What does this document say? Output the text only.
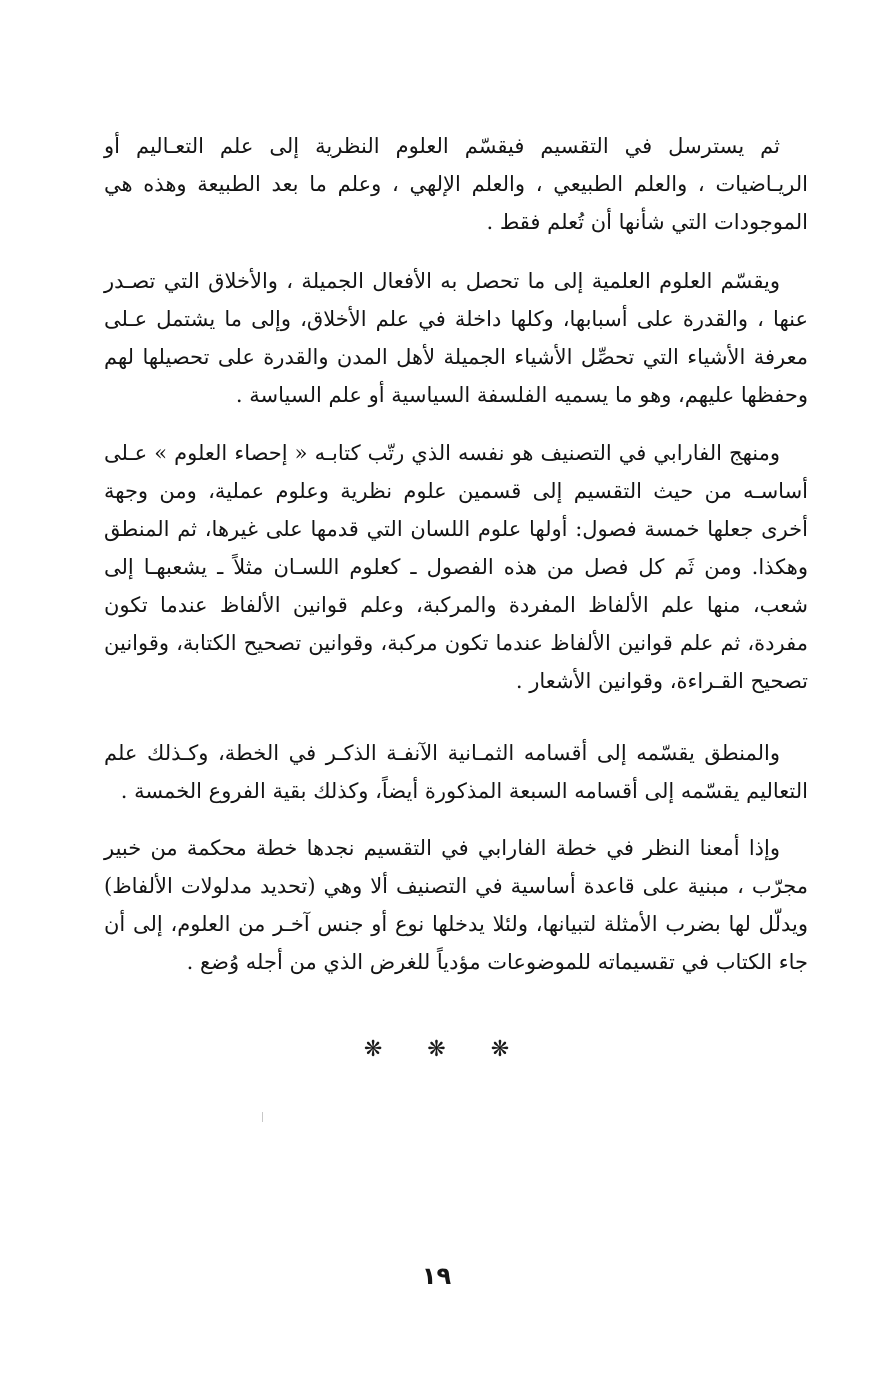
ثم يسترسل في التقسيم فيقسّم العلوم النظرية إلى علم التعـاليم أو الريـاضيات ، والعلم الطبيعي ، والعلم الإلهي ، وعلم ما بعد الطبيعة وهذه هي الموجودات التي شأنها أن تُعلم فقط .

ويقسّم العلوم العلمية إلى ما تحصل به الأفعال الجميلة ، والأخلاق التي تصـدر عنها ، والقدرة على أسبابها، وكلها داخلة في علم الأخلاق، وإلى ما يشتمل عـلى معرفة الأشياء التي تحصِّل الأشياء الجميلة لأهل المدن والقدرة على تحصيلها لهم وحفظها عليهم، وهو ما يسميه الفلسفة السياسية أو علم السياسة .

ومنهج الفارابي في التصنيف هو نفسه الذي رتّب كتابـه « إحصاء العلوم » عـلى أساسـه من حيث التقسيم إلى قسمين علوم نظرية وعلوم عملية، ومن وجهة أخرى جعلها خمسة فصول: أولها علوم اللسان التي قدمها على غيرها، ثم المنطق وهكذا. ومن ثَم كل فصل من هذه الفصول ـ كعلوم اللسـان مثلاً ـ يشعبهـا إلى شعب، منها علم الألفاظ المفردة والمركبة، وعلم قوانين الألفاظ عندما تكون مفردة، ثم علم قوانين الألفاظ عندما تكون مركبة، وقوانين تصحيح الكتابة، وقوانين تصحيح القـراءة، وقوانين الأشعار .

والمنطق يقسّمه إلى أقسامه الثمـانية الآنفـة الذكـر في الخطة، وكـذلك علم التعاليم يقسّمه إلى أقسامه السبعة المذكورة أيضاً، وكذلك بقية الفروع الخمسة .

وإذا أمعنا النظر في خطة الفارابي في التقسيم نجدها خطة محكمة من خبير مجرّب ، مبنية على قاعدة أساسية في التصنيف ألا وهي (تحديد مدلولات الألفاظ) ويدلّل لها بضرب الأمثلة لتبيانها، ولئلا يدخلها نوع أو جنس آخـر من العلوم، إلى أن جاء الكتاب في تقسيماته للموضوعات مؤدياً للغرض الذي من أجله وُضع .

❋ ❋ ❋
١٩
